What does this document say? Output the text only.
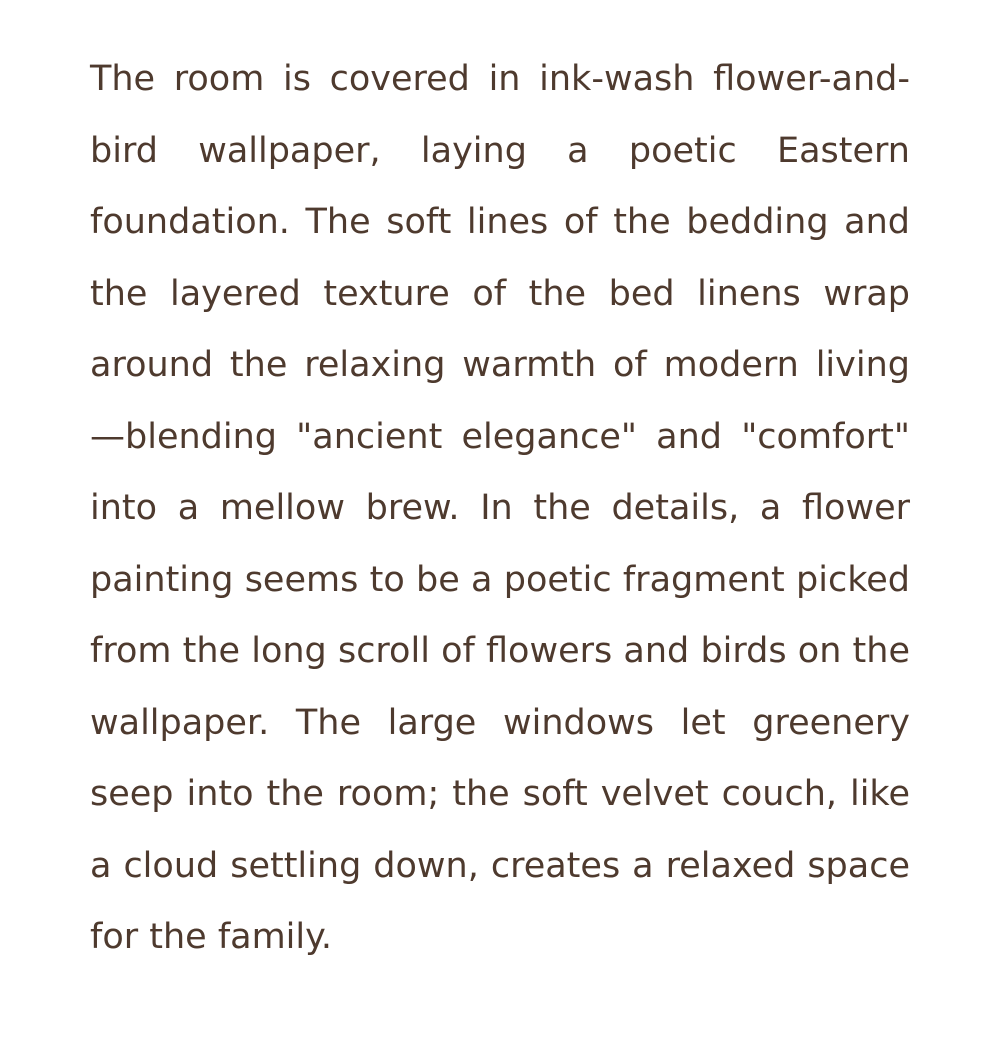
The room is covered in ink-wash flower-and-bird wallpaper, laying a poetic Eastern foundation. The soft lines of the bedding and the layered texture of the bed linens wrap around the relaxing warmth of modern living—blending "ancient elegance" and "comfort" into a mellow brew. In the details, a flower painting seems to be a poetic fragment picked from the long scroll of flowers and birds on the wallpaper. The large windows let greenery seep into the room; the soft velvet couch, like a cloud settling down, creates a relaxed space for the family.
